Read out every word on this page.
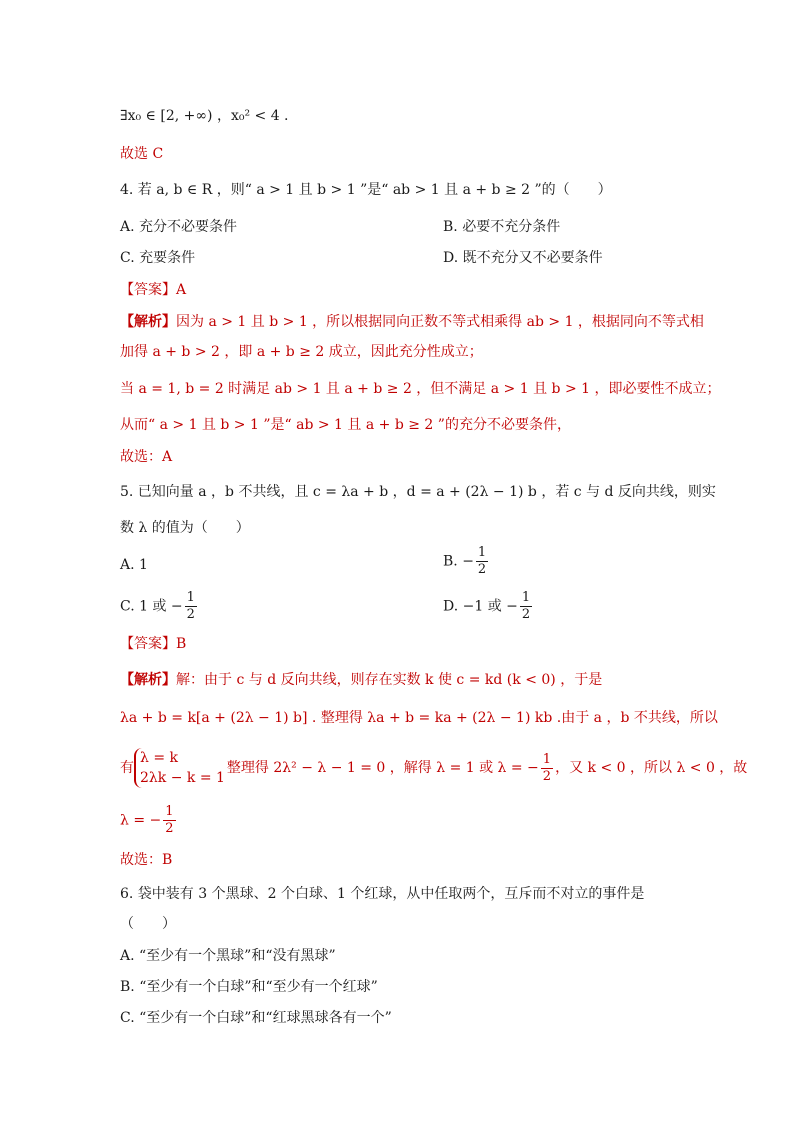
∃x₀ ∈ [2, +∞) ，x₀² < 4 .
故选 C
4. 若 a, b ∈ R ，则“ a > 1 且 b > 1 ”是“ ab > 1 且 a + b ≥ 2 ”的（　　）
A. 充分不必要条件	B. 必要不充分条件
C. 充要条件	D. 既不充分又不必要条件
【答案】A
【解析】因为 a > 1 且 b > 1 ，所以根据同向正数不等式相乘得 ab > 1 ，根据同向不等式相
加得 a + b > 2 ，即 a + b ≥ 2 成立，因此充分性成立；
当 a = 1, b = 2 时满足 ab > 1 且 a + b ≥ 2 ，但不满足 a > 1 且 b > 1 ，即必要性不成立；
从而“ a > 1 且 b > 1 ”是“ ab > 1 且 a + b ≥ 2 ”的充分不必要条件，
故选：A
5. 已知向量 a ，b 不共线，且 c = λa + b ，d = a + (2λ − 1) b ，若 c 与 d 反向共线，则实
数 λ 的值为（　　）
A. 1	B. − $\frac{1}{2}$
C. 1 或 − $\frac{1}{2}$	D. −1 或 − $\frac{1}{2}$
【答案】B
【解析】解：由于 c 与 d 反向共线，则存在实数 k 使 c = kd (k < 0) ，于是
λa + b = k[a + (2λ − 1) b] . 整理得 λa + b = ka + (2λ − 1) kb .由于 a ，b 不共线，所以
有
λ = k
2λk − k = 1
整理得 2λ² − λ − 1 = 0 ，解得 λ = 1 或 λ = − $\frac{1}{2}$ ，又 k < 0 ，所以 λ < 0 ，故
λ = − $\frac{1}{2}$
故选：B
6. 袋中装有 3 个黑球、2 个白球、1 个红球，从中任取两个，互斥而不对立的事件是
（　　）
A. “至少有一个黑球”和“没有黑球”
B. “至少有一个白球”和“至少有一个红球”
C. “至少有一个白球”和“红球黑球各有一个”
